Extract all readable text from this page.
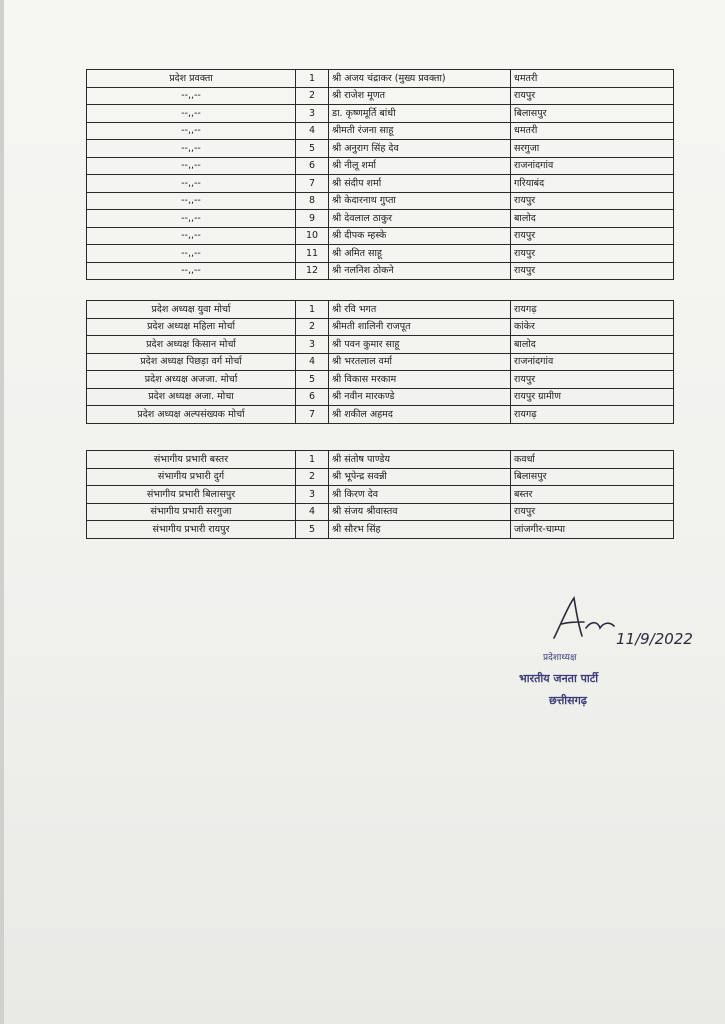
प्रदेश प्रवक्ता	1	श्री अजय चंद्राकर (मुख्य प्रवक्ता)	धमतरी
--,,--	2	श्री राजेश मूणत	रायपुर
--,,--	3	डा. कृष्णमूर्ति बांधी	बिलासपुर
--,,--	4	श्रीमती रंजना साहू	धमतरी
--,,--	5	श्री अनुराग सिंह देव	सरगुजा
--,,--	6	श्री नीलू शर्मा	राजनांदगांव
--,,--	7	श्री संदीप शर्मा	गरियाबंद
--,,--	8	श्री केदारनाथ गुप्ता	रायपुर
--,,--	9	श्री देवलाल ठाकुर	बालोद
--,,--	10	श्री दीपक म्हस्के	रायपुर
--,,--	11	श्री अमित साहू	रायपुर
--,,--	12	श्री नलनिश ठोकने	रायपुर
प्रदेश अध्यक्ष युवा मोर्चा	1	श्री रवि भगत	रायगढ़
प्रदेश अध्यक्ष महिला मोर्चा	2	श्रीमती शालिनी राजपूत	कांकेर
प्रदेश अध्यक्ष किसान मोर्चा	3	श्री पवन कुमार साहू	बालोद
प्रदेश अध्यक्ष पिछड़ा वर्ग मोर्चा	4	श्री भरतलाल वर्मा	राजनांदगांव
प्रदेश अध्यक्ष अजजा. मोर्चा	5	श्री विकास मरकाम	रायपुर
प्रदेश अध्यक्ष अजा. मोचा	6	श्री नवीन मारकण्डे	रायपुर ग्रामीण
प्रदेश अध्यक्ष अल्पसंख्यक मोर्चा	7	श्री शकील अहमद	रायगढ़
संभागीय प्रभारी बस्तर	1	श्री संतोष पाण्डेय	कवर्धा
संभागीय प्रभारी दुर्ग	2	श्री भूपेन्द्र सवन्नी	बिलासपुर
संभागीय प्रभारी बिलासपुर	3	श्री किरण देव	बस्तर
संभागीय प्रभारी सरगुजा	4	श्री संजय श्रीवास्तव	रायपुर
संभागीय प्रभारी रायपुर	5	श्री सौरभ सिंह	जांजगीर-चाम्पा
11/9/2022
प्रदेशाध्यक्ष
भारतीय जनता पार्टी
छत्तीसगढ़
